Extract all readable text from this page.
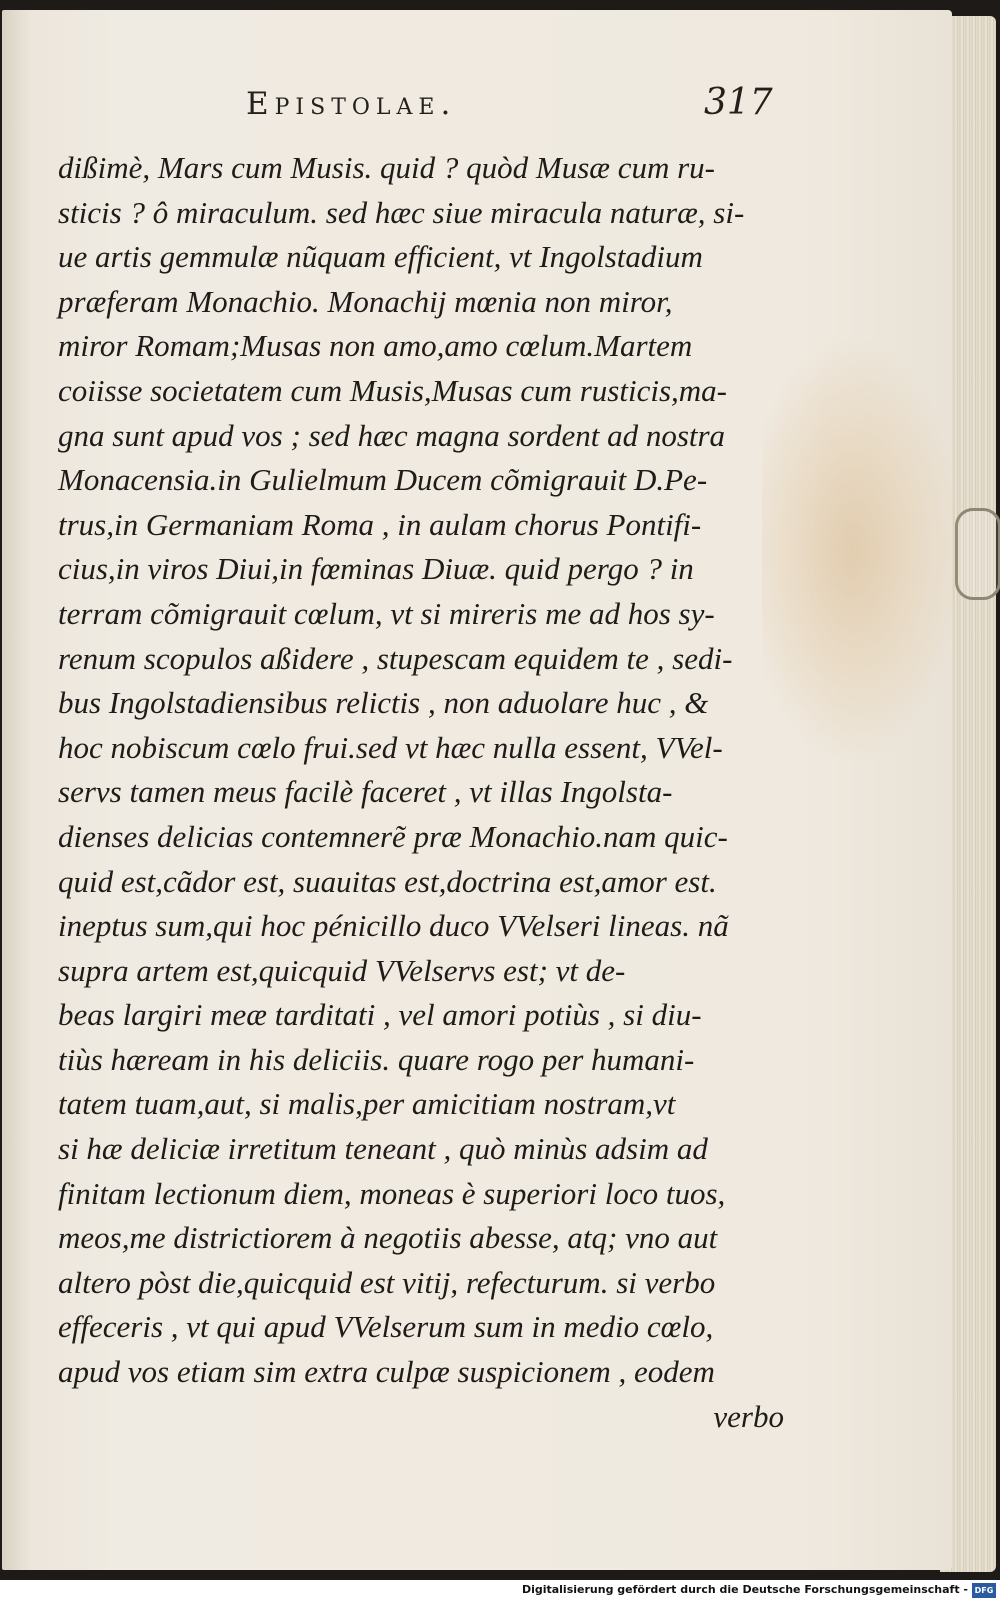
Epistolae.	317
dißimè, Mars cum Musis. quid ? quòd Musæ cum ru-
sticis ? ô miraculum. sed hæc siue miracula naturæ, si-
ue artis gemmulæ nũquam efficient, vt Ingolstadium
præferam Monachio. Monachij mœnia non miror,
miror Romam;Musas non amo,amo cœlum.Martem
coiisse societatem cum Musis,Musas cum rusticis,ma-
gna sunt apud vos ; sed hæc magna sordent ad nostra
Monacensia.in Gulielmum Ducem cõmigrauit D.Pe-
trus,in Germaniam Roma , in aulam chorus Pontifi-
cius,in viros Diui,in fœminas Diuæ. quid pergo ? in
terram cõmigrauit cœlum, vt si mireris me ad hos sy-
renum scopulos aßidere , stupescam equidem te , sedi-
bus Ingolstadiensibus relictis , non aduolare huc , &
hoc nobiscum cœlo frui.sed vt hæc nulla essent, VVel-
servs tamen meus facilè faceret , vt illas Ingolsta-
dienses delicias contemnerẽ præ Monachio.nam quic-
quid est,cãdor est, suauitas est,doctrina est,amor est.
ineptus sum,qui hoc pénicillo duco VVelseri lineas. nã
supra artem est,quicquid VVelservs est; vt de-
beas largiri meæ tarditati , vel amori potiùs , si diu-
tiùs hæream in his deliciis. quare rogo per humani-
tatem tuam,aut, si malis,per amicitiam nostram,vt
si hæ deliciæ irretitum teneant , quò minùs adsim ad
finitam lectionum diem, moneas è superiori loco tuos,
meos,me districtiorem à negotiis abesse, atq; vno aut
altero pòst die,quicquid est vitij, refecturum. si verbo
effeceris , vt qui apud VVelserum sum in medio cœlo,
apud vos etiam sim extra culpæ suspicionem , eodem
verbo
Digitalisierung gefördert durch die Deutsche Forschungsgemeinschaft - DFG
